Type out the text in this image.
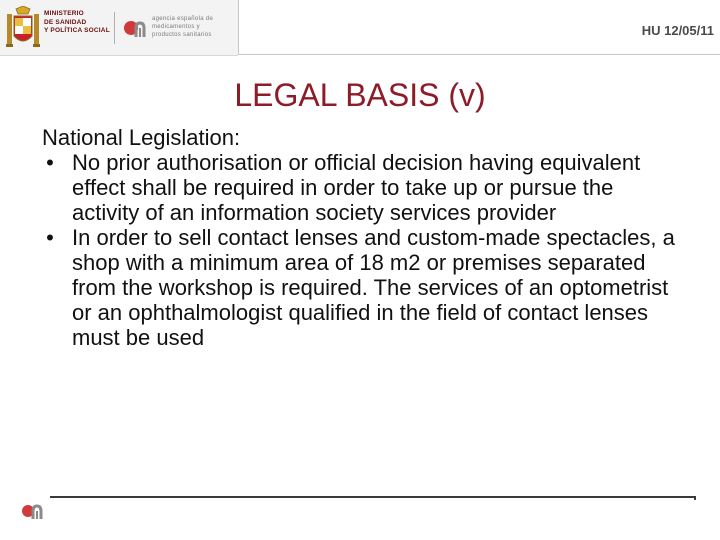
MINISTERIO
DE SANIDAD
Y POLÍTICA SOCIAL
agencia española de
medicamentos y
productos sanitarios	HU 12/05/11
LEGAL BASIS (v)

National Legislation:

• No prior authorisation or official decision having equivalent effect shall be required in order to take up or pursue the activity of an information society services provider
• In order to sell contact lenses and custom‑made spectacles, a shop with a minimum area of 18 m2 or premises separated from the workshop is required. The services of an optometrist or an ophthalmologist qualified in the field of contact lenses must be used
